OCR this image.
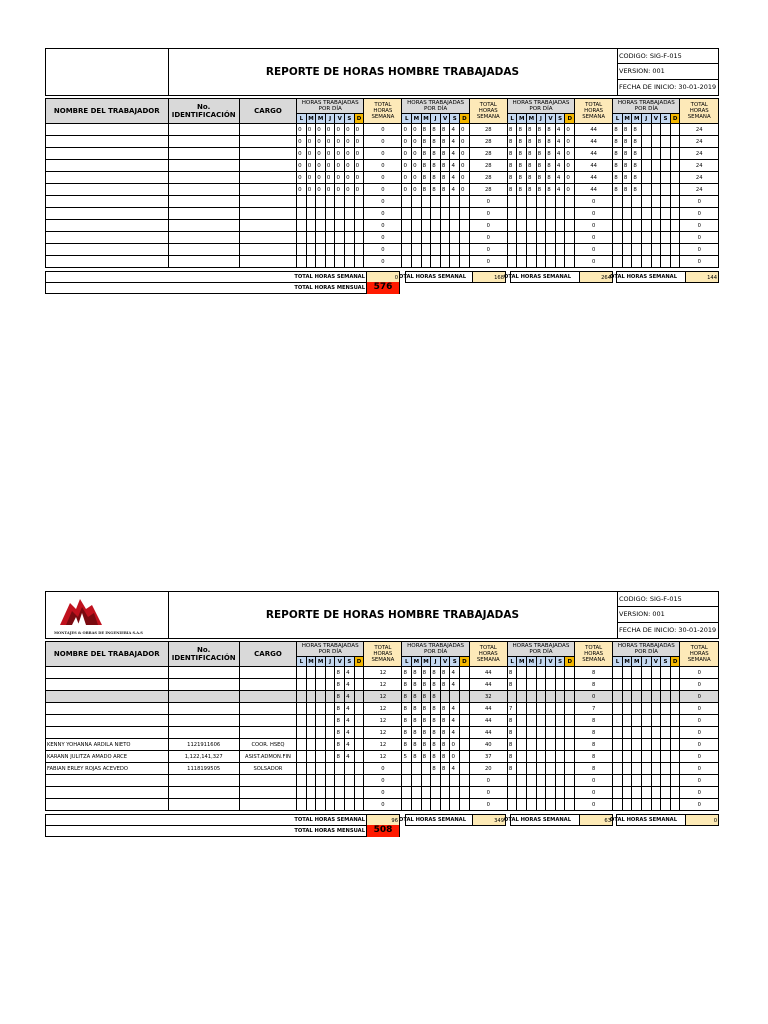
REPORTE DE HORAS HOMBRE TRABAJADAS
CODIGO: SIG-F-015
VERSION: 001
FECHA DE INICIO: 30-01-2019
NOMBRE DEL TRABAJADOR	No. IDENTIFICACIÓN	CARGO	HORAS TRABAJADAS POR DÍA							TOTAL HORAS SEMANA	HORAS TRABAJADAS POR DÍA							TOTAL HORAS SEMANA	HORAS TRABAJADAS POR DÍA							TOTAL HORAS SEMANA	HORAS TRABAJADAS POR DÍA							TOTAL HORAS SEMANA
			L	M	M	J	V	S	D		L	M	M	J	V	S	D		L	M	M	J	V	S	D		L	M	M	J	V	S	D	
			0	0	0	0	0	0	0	0	0	0	8	8	8	4	0	28	8	8	8	8	8	4	0	44	8	8	8					24
			0	0	0	0	0	0	0	0	0	0	8	8	8	4	0	28	8	8	8	8	8	4	0	44	8	8	8					24
			0	0	0	0	0	0	0	0	0	0	8	8	8	4	0	28	8	8	8	8	8	4	0	44	8	8	8					24
			0	0	0	0	0	0	0	0	0	0	8	8	8	4	0	28	8	8	8	8	8	4	0	44	8	8	8					24
			0	0	0	0	0	0	0	0	0	0	8	8	8	4	0	28	8	8	8	8	8	4	0	44	8	8	8					24
			0	0	0	0	0	0	0	0	0	0	8	8	8	4	0	28	8	8	8	8	8	4	0	44	8	8	8					24
										0								0								0								0
										0								0								0								0
										0								0								0								0
										0								0								0								0
										0								0								0								0
										0								0								0								0
TOTAL HORAS SEMANAL	0 OTAL HORAS SEMANAL	168 OTAL HORAS SEMANAL	264
OTAL HORAS SEMANAL	144
TOTAL HORAS MENSUAL 576
MONTAJES & OBRAS DE INGENIERIA S.A.S
REPORTE DE HORAS HOMBRE TRABAJADAS
CODIGO: SIG-F-015
VERSION: 001
FECHA DE INICIO: 30-01-2019
NOMBRE DEL TRABAJADOR	No. IDENTIFICACIÓN	CARGO	HORAS TRABAJADAS POR DÍA							TOTAL HORAS SEMANA	HORAS TRABAJADAS POR DÍA							TOTAL HORAS SEMANA	HORAS TRABAJADAS POR DÍA							TOTAL HORAS SEMANA	HORAS TRABAJADAS POR DÍA							TOTAL HORAS SEMANA
			L	M	M	J	V	S	D		L	M	M	J	V	S	D		L	M	M	J	V	S	D		L	M	M	J	V	S	D	
							8	4		12	8	8	8	8	8	4		44	8							8								0
							8	4		12	8	8	8	8	8	4		44	8							8								0
							8	4		12	8	8	8	8				32								0								0
							8	4		12	8	8	8	8	8	4		44	7							7								0
							8	4		12	8	8	8	8	8	4		44	8							8								0
							8	4		12	8	8	8	8	8	4		44	8							8								0
KENNY YOHANNA ARDILA NIETO	1121911606	COOR. HSEQ					8	4		12	8	8	8	8	8	0		40	8							8								0
KARANN JULITZA AMADO ARCE	1,122,141,327	ASIST.ADMON.FIN					8	4		12	5	8	8	8	8	0		37	8							8								0
FABIAN ERLEY ROJAS ACEVEDO	1118199505	SOLSADOR								0				8	8	4		20	8							8								0
										0								0								0								0
										0								0								0								0
										0								0								0								0
TOTAL HORAS SEMANAL	96 OTAL HORAS SEMANAL	349 OTAL HORAS SEMANAL	63
OTAL HORAS SEMANAL	0
TOTAL HORAS MENSUAL 508
